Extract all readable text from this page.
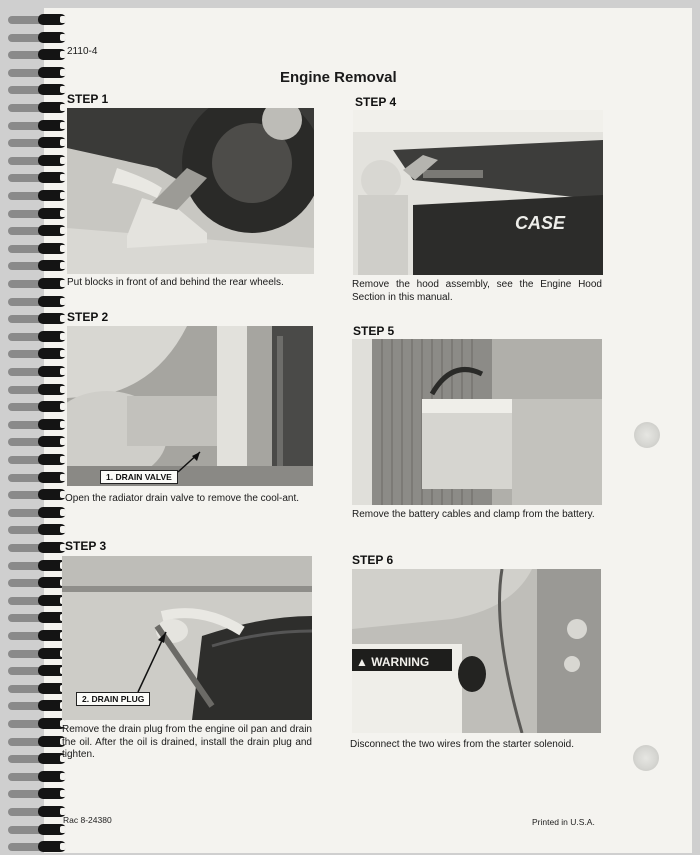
2110-4
Engine Removal
STEP 1
Put blocks in front of and behind the rear wheels.
STEP 2
1. DRAIN VALVE
Open the radiator drain valve to remove the cool-ant.
STEP 3
2. DRAIN PLUG
Remove the drain plug from the engine oil pan and drain the oil. After the oil is drained, install the drain plug and tighten.
STEP 4
CASE
Remove the hood assembly, see the Engine Hood Section in this manual.
STEP 5
Remove the battery cables and clamp from the battery.
STEP 6
▲ WARNING
Disconnect the two wires from the starter solenoid.
Rac 8-24380	Printed in U.S.A.
